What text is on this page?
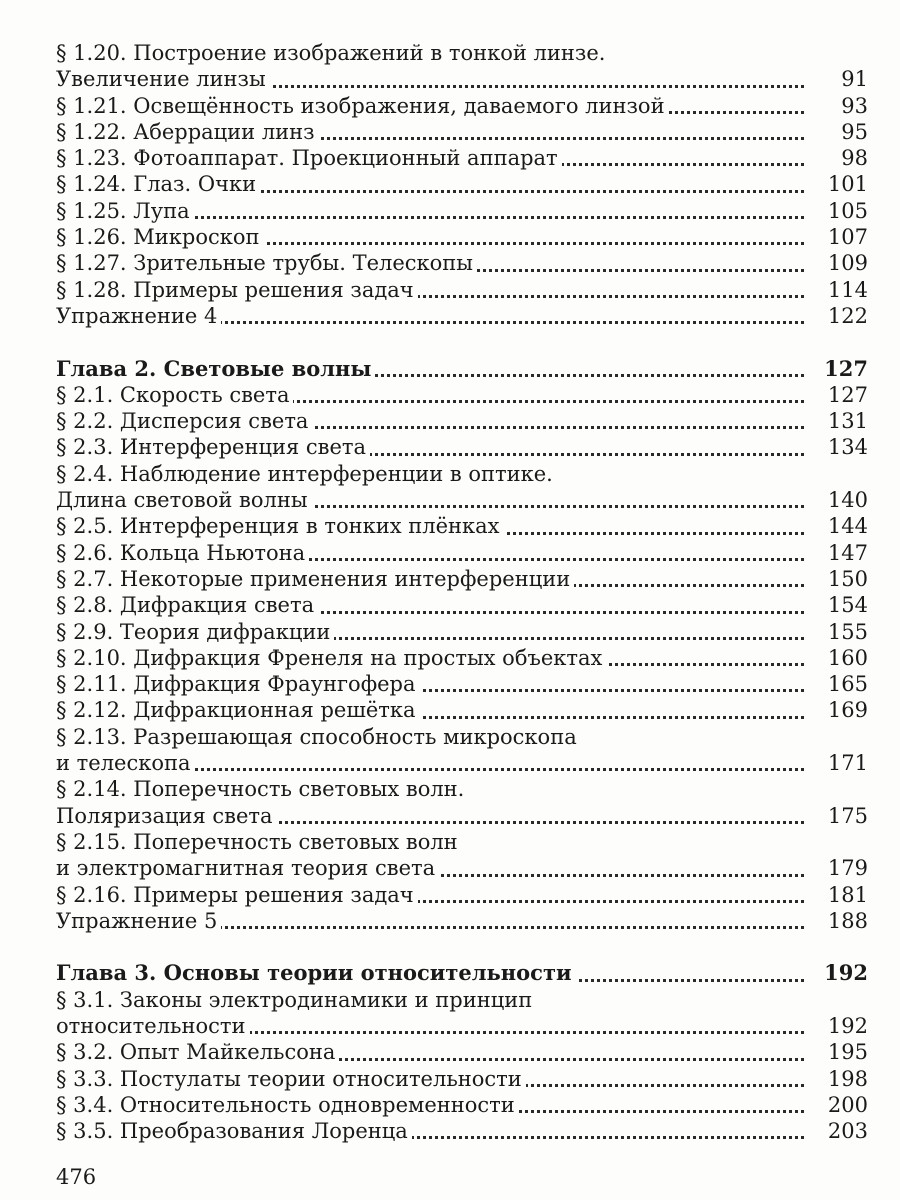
§ 1.20. Построение изображений в тонкой линзе.
Увеличение линзы	91
§ 1.21. Освещённость изображения, даваемого линзой	93
§ 1.22. Аберрации линз	95
§ 1.23. Фотоаппарат. Проекционный аппарат	98
§ 1.24. Глаз. Очки	101
§ 1.25. Лупа	105
§ 1.26. Микроскоп	107
§ 1.27. Зрительные трубы. Телескопы	109
§ 1.28. Примеры решения задач	114
Упражнение 4	122
Глава 2. Световые волны	127
§ 2.1. Скорость света	127
§ 2.2. Дисперсия света	131
§ 2.3. Интерференция света	134
§ 2.4. Наблюдение интерференции в оптике.
Длина световой волны	140
§ 2.5. Интерференция в тонких плёнках	144
§ 2.6. Кольца Ньютона	147
§ 2.7. Некоторые применения интерференции	150
§ 2.8. Дифракция света	154
§ 2.9. Теория дифракции	155
§ 2.10. Дифракция Френеля на простых объектах	160
§ 2.11. Дифракция Фраунгофера	165
§ 2.12. Дифракционная решётка	169
§ 2.13. Разрешающая способность микроскопа
и телескопа	171
§ 2.14. Поперечность световых волн.
Поляризация света	175
§ 2.15. Поперечность световых волн
и электромагнитная теория света	179
§ 2.16. Примеры решения задач	181
Упражнение 5	188
Глава 3. Основы теории относительности	192
§ 3.1. Законы электродинамики и принцип
относительности	192
§ 3.2. Опыт Майкельсона	195
§ 3.3. Постулаты теории относительности	198
§ 3.4. Относительность одновременности	200
§ 3.5. Преобразования Лоренца	203
476
